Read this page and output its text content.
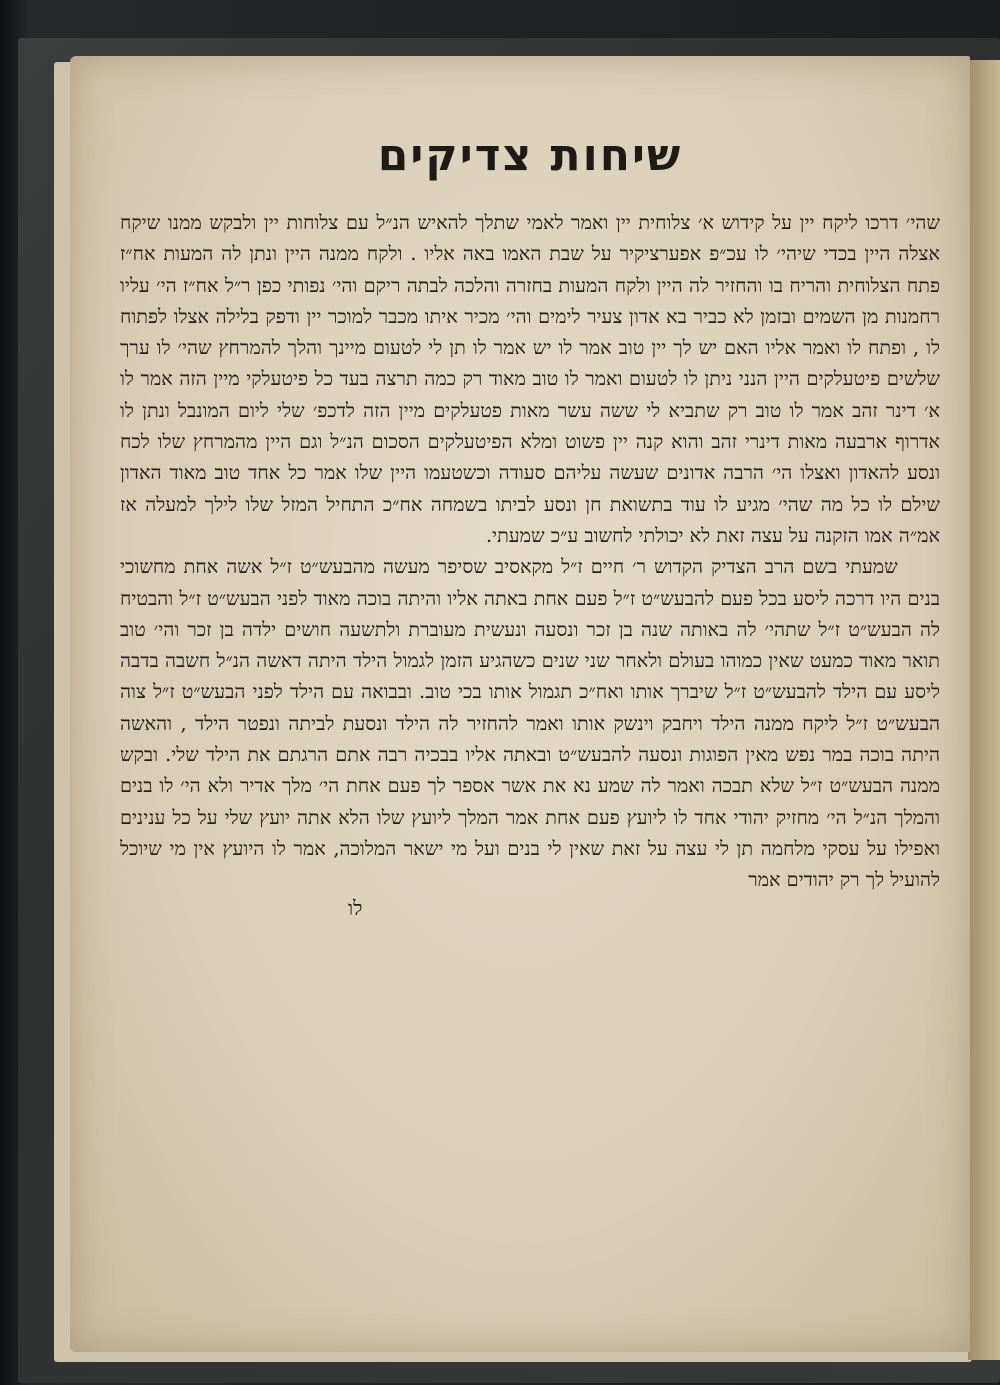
שיחות צדיקים

שהי׳ דרכו ליקח יין על קידוש א׳ צלוחית יין ואמר לאמי שתלך להאיש הנ״ל עם צלוחות יין ולבקש ממנו שיקח אצלה היין בכדי שיהי׳ לו עכ״פ אפערציקיר על שבת האמו באה אליו . ולקח ממנה היין ונתן לה המעות אח״ז פתח הצלוחית והריח בו והחזיר לה היין ולקח המעות בחזרה והלכה לבתה ריקם והי׳ נפותי כפן ר״ל אח״ז הי׳ עליו רחמנות מן השמים ובזמן לא כביר בא אדון צעיר לימים והי׳ מכיר איתו מכבר למוכר יין ודפק בלילה אצלו לפתוח לו , ופתח לו ואמר אליו האם יש לך יין טוב אמר לו יש אמר לו תן לי לטעום מיינך והלך להמרחץ שהי׳ לו ערך שלשים פיטעלקים היין הנני ניתן לו לטעום ואמר לו טוב מאוד רק כמה תרצה בעד כל פיטעלקי מיין הזה אמר לו א׳ דינר זהב אמר לו טוב רק שתביא לי ששה עשר מאות פטעלקים מיין הזה לדכפ׳ שלי ליום המונבל ונתן לו אדרוף ארבעה מאות דינרי זהב והוא קנה יין פשוט ומלא הפיטעלקים הסכום הנ״ל וגם היין מהמרחץ שלו לכח ונסע להאדון ואצלו הי׳ הרבה אדונים שעשה עליהם סעודה וכשטעמו היין שלו אמר כל אחד טוב מאוד האדון שילם לו כל מה שהי׳ מגיע לו עוד בתשואת חן ונסע לביתו בשמחה אח״כ התחיל המזל שלו לילך למעלה אז אמ״ה אמו הזקנה על עצה זאת לא יכולתי לחשוב ע״כ שמעתי.

שמעתי בשם הרב הצדיק הקדוש ר׳ חיים ז״ל מקאסיב שסיפר מעשה מהבעש״ט ז״ל אשה אחת מחשוכי בנים היו דרכה ליסע בכל פעם להבעש״ט ז״ל פעם אחת באתה אליו והיתה בוכה מאוד לפני הבעש״ט ז״ל והבטיח לה הבעש״ט ז״ל שתהי׳ לה באותה שנה בן זכר ונסעה ונעשית מעוברת ולתשעה חושים ילדה בן זכר והי׳ טוב תואר מאוד כמעט שאין כמוהו בעולם ולאחר שני שנים כשהגיע הזמן לגמול הילד היתה דאשה הנ״ל חשבה בדבה ליסע עם הילד להבעש״ט ז״ל שיברך אותו ואח״כ תגמול אותו בכי טוב. ובבואה עם הילד לפני הבעש״ט ז״ל צוה הבעש״ט ז״ל ליקח ממנה הילד ויחבק וינשק אותו ואמר להחזיר לה הילד ונסעת לביתה ונפטר הילד , והאשה היתה בוכה במר נפש מאין הפוגות ונסעה להבעש״ט ובאתה אליו בבכיה רבה אתם הרגתם את הילד שלי. ובקש ממנה הבעש״ט ז״ל שלא תבכה ואמר לה שמע נא את אשר אספר לך פעם אחת הי׳ מלך אדיר ולא הי׳ לו בנים והמלך הנ״ל הי׳ מחזיק יהודי אחד לו ליועץ פעם אחת אמר המלך ליועץ שלו הלא אתה יועץ שלי על כל ענינים ואפילו על עסקי מלחמה תן לי עצה על זאת שאין לי בנים ועל מי ישאר המלוכה, אמר לו היועץ אין מי שיוכל להועיל לך רק יהודים אמר

לו
